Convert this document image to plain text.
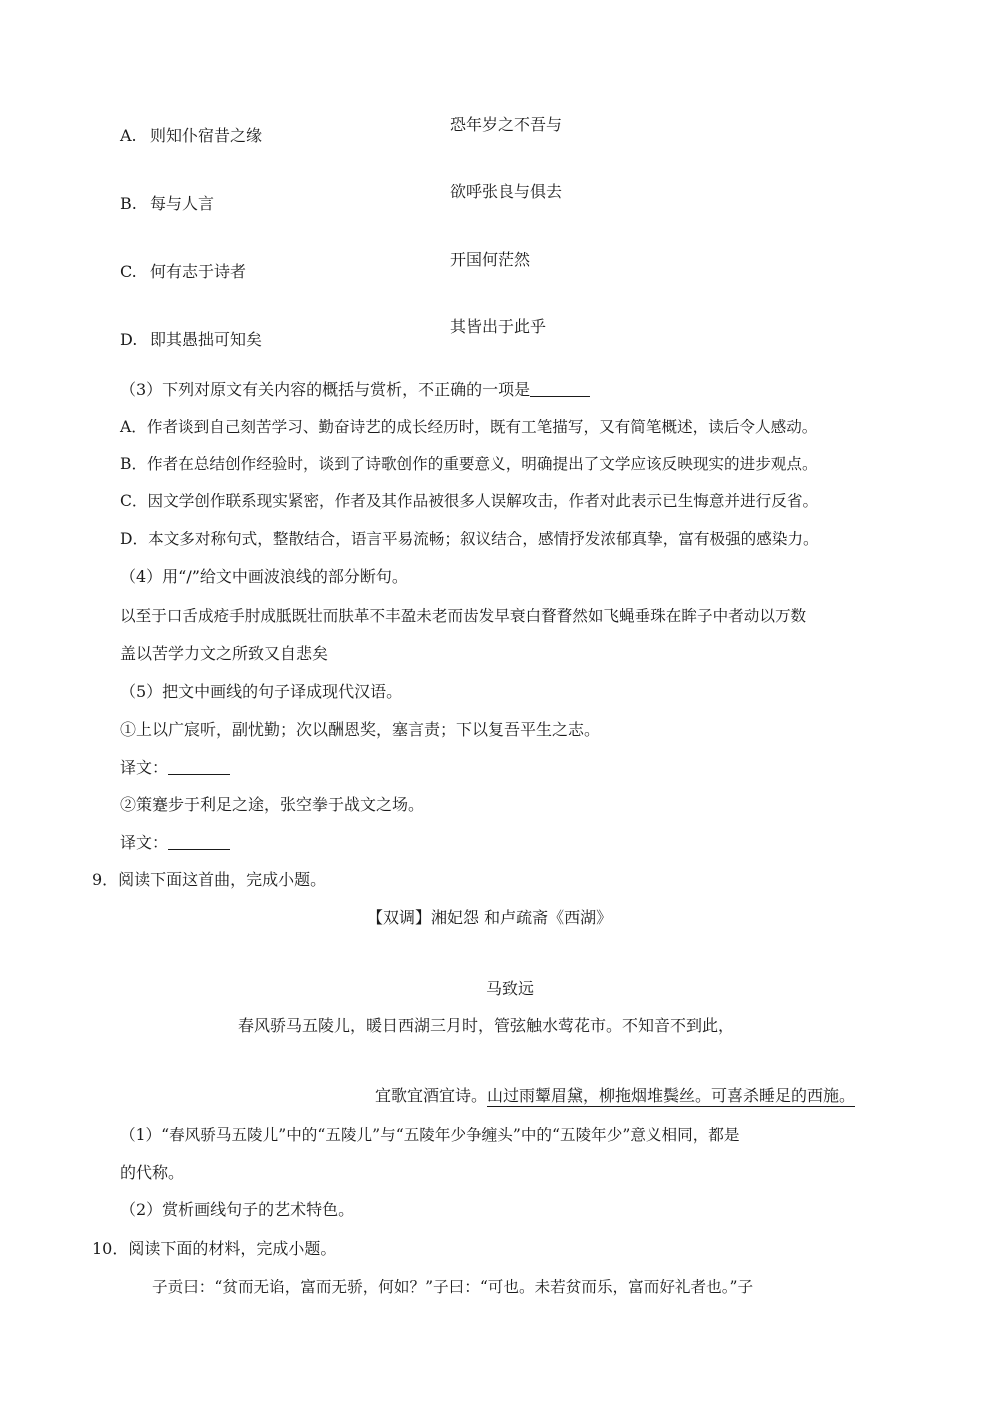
A. 则知仆宿昔之缘
恐年岁之不吾与
B. 每与人言
欲呼张良与俱去
C. 何有志于诗者
开国何茫然
D. 即其愚拙可知矣
其皆出于此乎
（3）下列对原文有关内容的概括与赏析，不正确的一项是
A．作者谈到自己刻苦学习、勤奋诗艺的成长经历时，既有工笔描写，又有简笔概述，读后令人感动。
B．作者在总结创作经验时，谈到了诗歌创作的重要意义，明确提出了文学应该反映现实的进步观点。
C．因文学创作联系现实紧密，作者及其作品被很多人误解攻击，作者对此表示已生悔意并进行反省。
D．本文多对称句式，整散结合，语言平易流畅；叙议结合，感情抒发浓郁真挚，富有极强的感染力。
（4）用“/”给文中画波浪线的部分断句。
以至于口舌成疮手肘成胝既壮而肤革不丰盈未老而齿发早衰白瞀瞀然如飞蝇垂珠在眸子中者动以万数
盖以苦学力文之所致又自悲矣
（5）把文中画线的句子译成现代汉语。
①上以广宸听，副忧勤；次以酬恩奖，塞言责；下以复吾平生之志。
译文：
②策蹇步于利足之途，张空拳于战文之场。
译文：
9．阅读下面这首曲，完成小题。
【双调】湘妃怨 和卢疏斋《西湖》
马致远
春风骄马五陵儿，暖日西湖三月时，管弦触水莺花市。不知音不到此，
宜歌宜酒宜诗。山过雨颦眉黛，柳拖烟堆鬓丝。可喜杀睡足的西施。
（1）“春风骄马五陵儿”中的“五陵儿”与“五陵年少争缠头”中的“五陵年少”意义相同，都是
的代称。
（2）赏析画线句子的艺术特色。
10．阅读下面的材料，完成小题。
子贡曰：“贫而无谄，富而无骄，何如？”子曰：“可也。未若贫而乐，富而好礼者也。”子
